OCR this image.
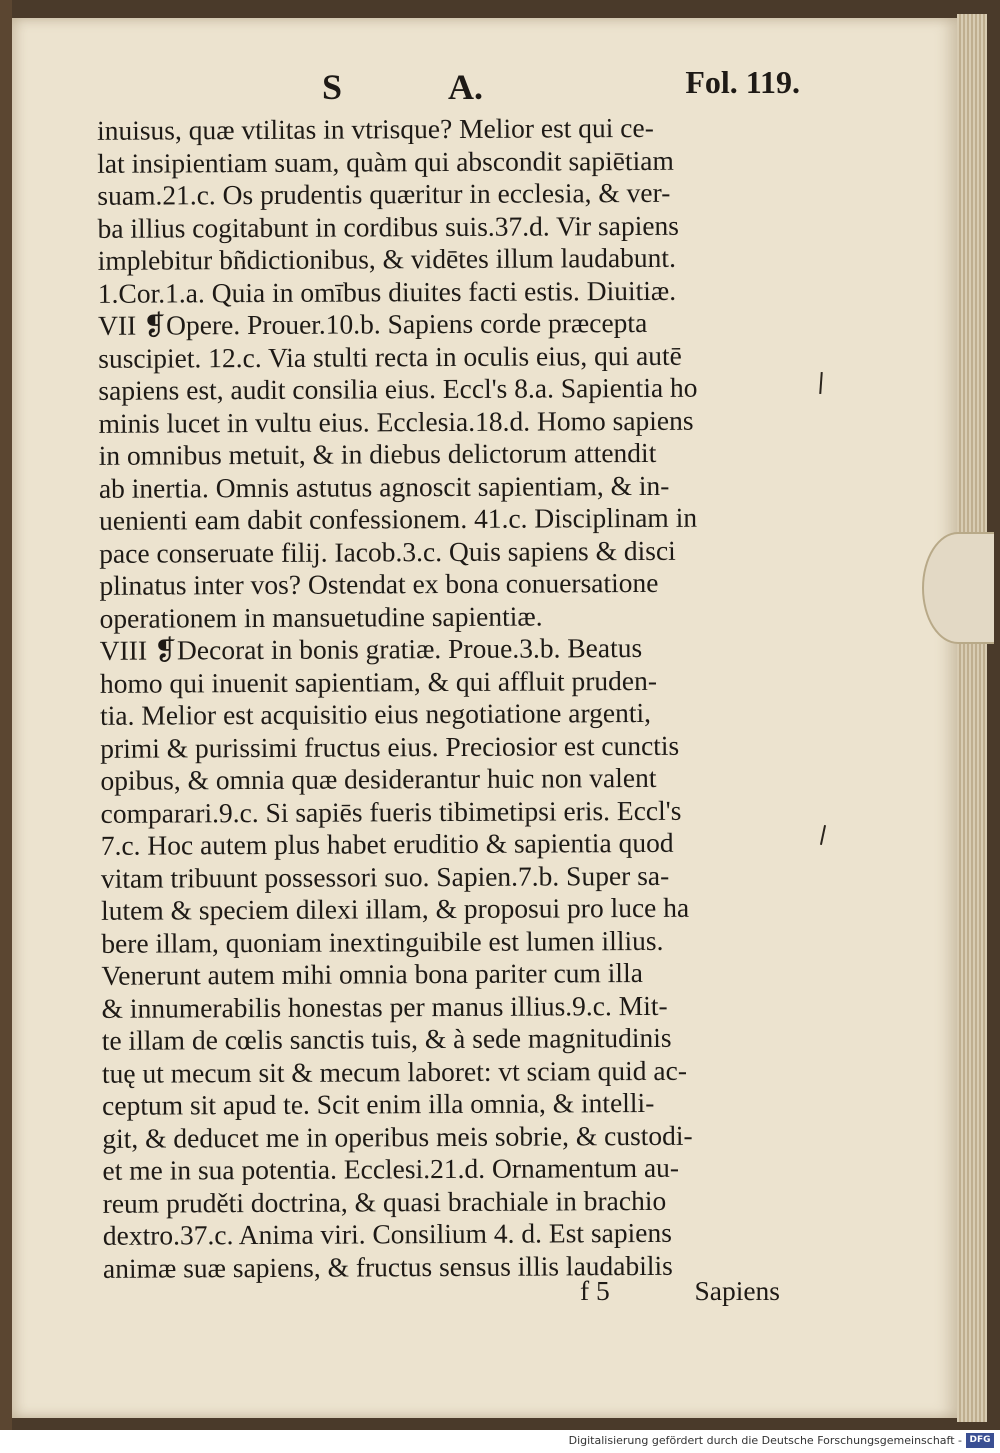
S	A.	Fol. 119.
inuisus, quæ vtilitas in vtrisque? Melior est qui ce-
lat insipientiam suam, quàm qui abscondit sapiētiam
suam.21.c. Os prudentis quæritur in ecclesia, & ver-
ba illius cogitabunt in cordibus suis.37.d. Vir sapiens
implebitur bñdictionibus, & vidētes illum laudabunt.
1.Cor.1.a. Quia in omībus diuites facti estis. Diuitiæ.
VII ❡Opere. Prouer.10.b. Sapiens corde præcepta
suscipiet. 12.c. Via stulti recta in oculis eius, qui autē
sapiens est, audit consilia eius. Eccl's 8.a. Sapientia ho
minis lucet in vultu eius. Ecclesia.18.d. Homo sapiens
in omnibus metuit, & in diebus delictorum attendit
ab inertia. Omnis astutus agnoscit sapientiam, & in-
uenienti eam dabit confessionem. 41.c. Disciplinam in
pace conseruate filij. Iacob.3.c. Quis sapiens & disci
plinatus inter vos? Ostendat ex bona conuersatione
operationem in mansuetudine sapientiæ.
VIII ❡Decorat in bonis gratiæ. Proue.3.b. Beatus
homo qui inuenit sapientiam, & qui affluit pruden-
tia. Melior est acquisitio eius negotiatione argenti,
primi & purissimi fructus eius. Preciosior est cunctis
opibus, & omnia quæ desiderantur huic non valent
comparari.9.c. Si sapiēs fueris tibimetipsi eris. Eccl's
7.c. Hoc autem plus habet eruditio & sapientia quod
vitam tribuunt possessori suo. Sapien.7.b. Super sa-
lutem & speciem dilexi illam, & proposui pro luce ha
bere illam, quoniam inextinguibile est lumen illius.
Venerunt autem mihi omnia bona pariter cum illa
& innumerabilis honestas per manus illius.9.c. Mit-
te illam de cœlis sanctis tuis, & à sede magnitudinis
tuę ut mecum sit & mecum laboret: vt sciam quid ac-
ceptum sit apud te. Scit enim illa omnia, & intelli-
git, & deducet me in operibus meis sobrie, & custodi-
et me in sua potentia. Ecclesi.21.d. Ornamentum au-
reum pruděti doctrina, & quasi brachiale in brachio
dextro.37.c. Anima viri. Consilium 4. d. Est sapiens
animæ suæ sapiens, & fructus sensus illis laudabilis
f 5	Sapiens
Digitalisierung gefördert durch die Deutsche Forschungsgemeinschaft - DFG
